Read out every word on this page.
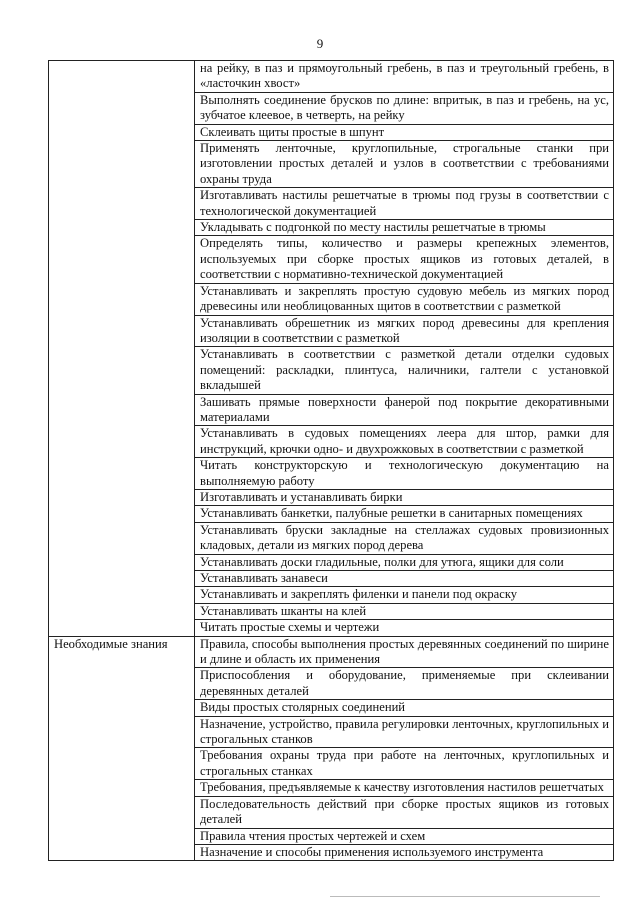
9
	на рейку, в паз и прямоугольный гребень, в паз и треугольный гребень, в «ласточкин хвост»
	Выполнять соединение брусков по длине: впритык, в паз и гребень, на ус, зубчатое клеевое, в четверть, на рейку
	Склеивать щиты простые в шпунт
	Применять ленточные, круглопильные, строгальные станки при изготовлении простых деталей и узлов в соответствии с требованиями охраны труда
	Изготавливать настилы решетчатые в трюмы под грузы в соответствии с технологической документацией
	Укладывать с подгонкой по месту настилы решетчатые в трюмы
	Определять типы, количество и размеры крепежных элементов, используемых при сборке простых ящиков из готовых деталей, в соответствии с нормативно-технической документацией
	Устанавливать и закреплять простую судовую мебель из мягких пород древесины или необлицованных щитов в соответствии с разметкой
	Устанавливать обрешетник из мягких пород древесины для крепления изоляции в соответствии с разметкой
	Устанавливать в соответствии с разметкой детали отделки судовых помещений: раскладки, плинтуса, наличники, галтели с установкой вкладышей
	Зашивать прямые поверхности фанерой под покрытие декоративными материалами
	Устанавливать в судовых помещениях леера для штор, рамки для инструкций, крючки одно- и двухрожковых в соответствии с разметкой
	Читать конструкторскую и технологическую документацию на выполняемую работу
	Изготавливать и устанавливать бирки
	Устанавливать банкетки, палубные решетки в санитарных помещениях
	Устанавливать бруски закладные на стеллажах судовых провизионных кладовых, детали из мягких пород дерева
	Устанавливать доски гладильные, полки для утюга, ящики для соли
	Устанавливать занавеси
	Устанавливать и закреплять филенки и панели под окраску
	Устанавливать шканты на клей
	Читать простые схемы и чертежи
Необходимые знания	Правила, способы выполнения простых деревянных соединений по ширине и длине и область их применения
	Приспособления и оборудование, применяемые при склеивании деревянных деталей
	Виды простых столярных соединений
	Назначение, устройство, правила регулировки ленточных, круглопильных и строгальных станков
	Требования охраны труда при работе на ленточных, круглопильных и строгальных станках
	Требования, предъявляемые к качеству изготовления настилов решетчатых
	Последовательность действий при сборке простых ящиков из готовых деталей
	Правила чтения простых чертежей и схем
	Назначение и способы применения используемого инструмента
